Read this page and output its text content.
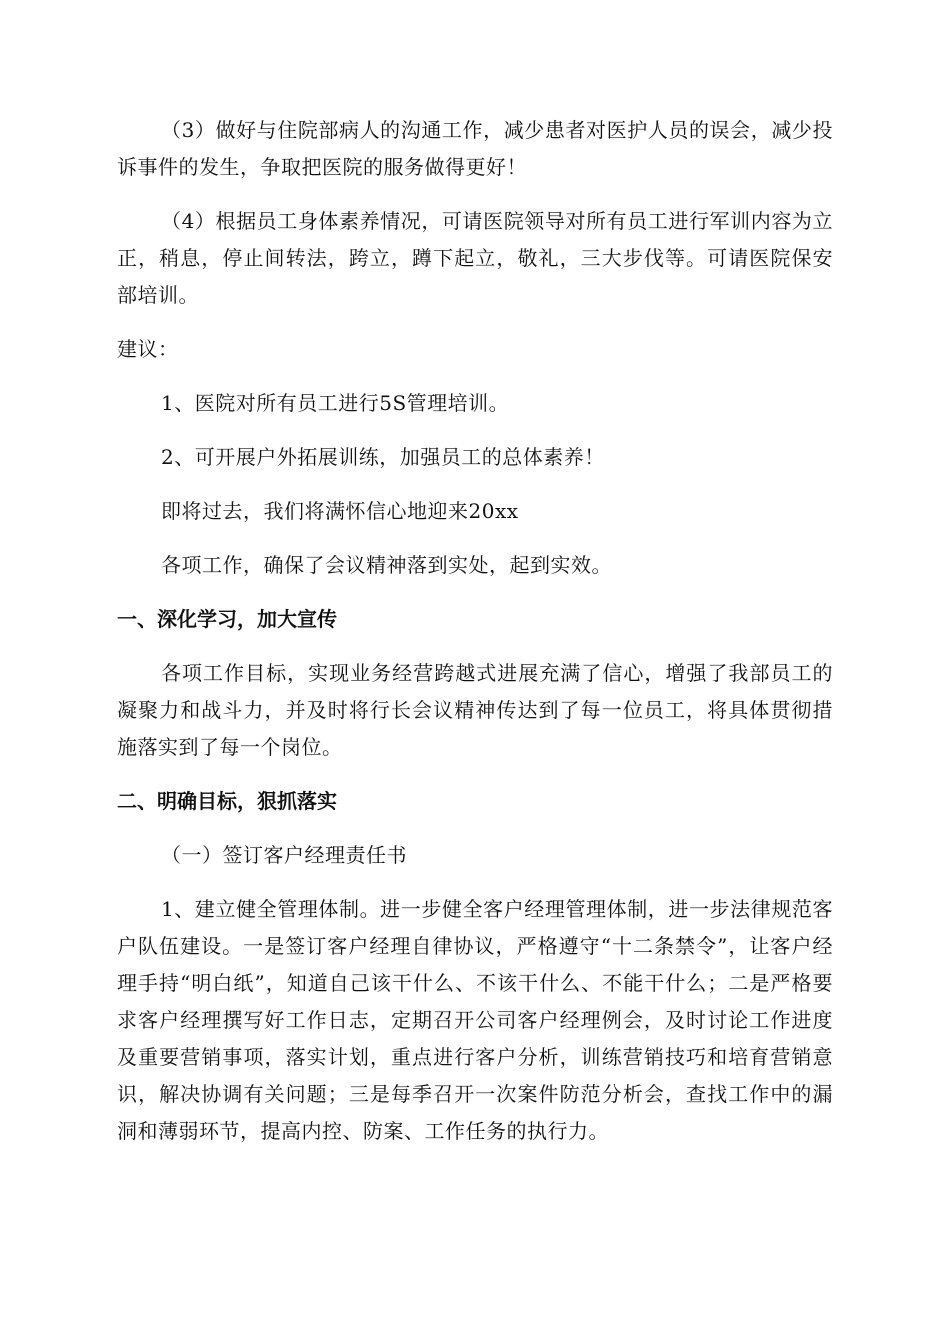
（3）做好与住院部病人的沟通工作，减少患者对医护人员的误会，减少投诉事件的发生，争取把医院的服务做得更好！

（4）根据员工身体素养情况，可请医院领导对所有员工进行军训内容为立正，稍息，停止间转法，跨立，蹲下起立，敬礼，三大步伐等。可请医院保安部培训。

建议：

1、医院对所有员工进行5S管理培训。

2、可开展户外拓展训练，加强员工的总体素养！

即将过去，我们将满怀信心地迎来20xx

各项工作，确保了会议精神落到实处，起到实效。

一、深化学习，加大宣传

各项工作目标，实现业务经营跨越式进展充满了信心，增强了我部员工的凝聚力和战斗力，并及时将行长会议精神传达到了每一位员工，将具体贯彻措施落实到了每一个岗位。

二、明确目标，狠抓落实

（一）签订客户经理责任书

1、建立健全管理体制。进一步健全客户经理管理体制，进一步法律规范客户队伍建设。一是签订客户经理自律协议，严格遵守“十二条禁令”，让客户经理手持“明白纸”，知道自己该干什么、不该干什么、不能干什么；二是严格要求客户经理撰写好工作日志，定期召开公司客户经理例会，及时讨论工作进度及重要营销事项，落实计划，重点进行客户分析，训练营销技巧和培育营销意识，解决协调有关问题；三是每季召开一次案件防范分析会，查找工作中的漏洞和薄弱环节，提高内控、防案、工作任务的执行力。
